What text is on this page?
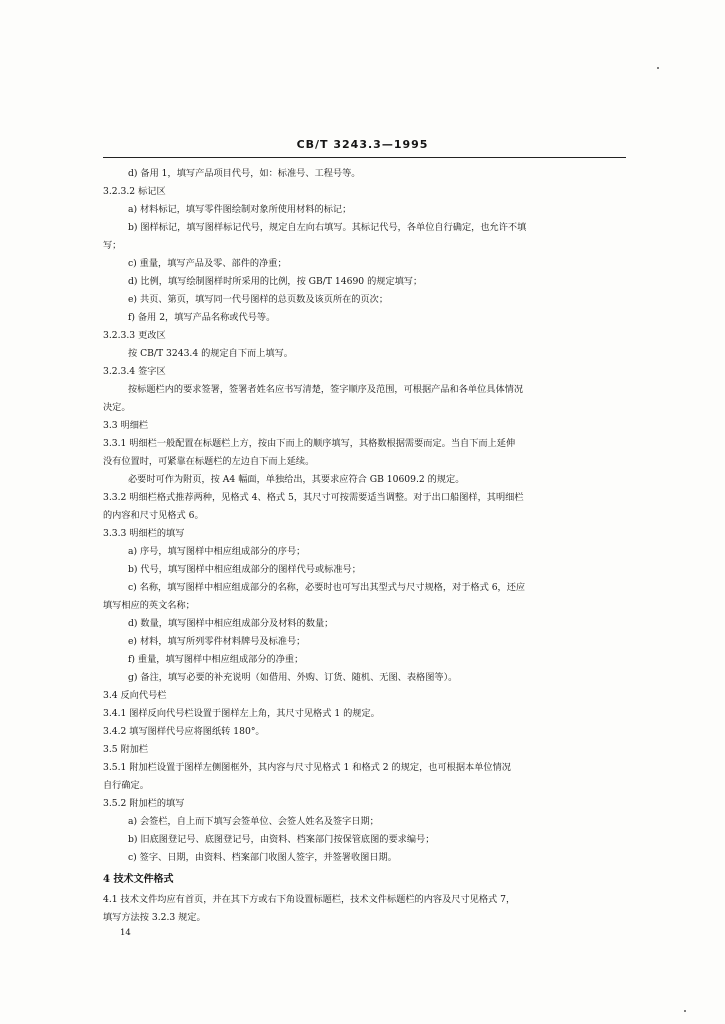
CB/T 3243.3—1995
d) 备用 1，填写产品项目代号，如：标准号、工程号等。
3.2.3.2 标记区
a) 材料标记，填写零件图绘制对象所使用材料的标记；
b) 图样标记，填写图样标记代号，规定自左向右填写。其标记代号，各单位自行确定，也允许不填
写；
c) 重量，填写产品及零、部件的净重；
d) 比例，填写绘制图样时所采用的比例，按 GB/T 14690 的规定填写；
e) 共页、第页，填写同一代号图样的总页数及该页所在的页次；
f) 备用 2，填写产品名称或代号等。
3.2.3.3 更改区
按 CB/T 3243.4 的规定自下而上填写。
3.2.3.4 签字区
按标题栏内的要求签署，签署者姓名应书写清楚，签字顺序及范围，可根据产品和各单位具体情况
决定。
3.3 明细栏
3.3.1 明细栏一般配置在标题栏上方，按由下而上的顺序填写，其格数根据需要而定。当自下而上延伸
没有位置时，可紧靠在标题栏的左边自下而上延续。
必要时可作为附页，按 A4 幅面，单独给出，其要求应符合 GB 10609.2 的规定。
3.3.2 明细栏格式推荐两种，见格式 4、格式 5，其尺寸可按需要适当调整。对于出口船图样，其明细栏
的内容和尺寸见格式 6。
3.3.3 明细栏的填写
a) 序号，填写图样中相应组成部分的序号；
b) 代号，填写图样中相应组成部分的图样代号或标准号；
c) 名称，填写图样中相应组成部分的名称，必要时也可写出其型式与尺寸规格，对于格式 6，还应
填写相应的英文名称；
d) 数量，填写图样中相应组成部分及材料的数量；
e) 材料，填写所列零件材料牌号及标准号；
f) 重量，填写图样中相应组成部分的净重；
g) 备注，填写必要的补充说明（如借用、外购、订货、随机、无图、表格图等）。
3.4 反向代号栏
3.4.1 图样反向代号栏设置于图样左上角，其尺寸见格式 1 的规定。
3.4.2 填写图样代号应将图纸转 180°。
3.5 附加栏
3.5.1 附加栏设置于图样左侧图框外，其内容与尺寸见格式 1 和格式 2 的规定，也可根据本单位情况
自行确定。
3.5.2 附加栏的填写
a) 会签栏，自上而下填写会签单位、会签人姓名及签字日期；
b) 旧底图登记号、底图登记号，由资料、档案部门按保管底图的要求编号；
c) 签字、日期，由资料、档案部门收图人签字，并签署收图日期。
4 技术文件格式
4.1 技术文件均应有首页，并在其下方或右下角设置标题栏，技术文件标题栏的内容及尺寸见格式 7，
填写方法按 3.2.3 规定。
14
